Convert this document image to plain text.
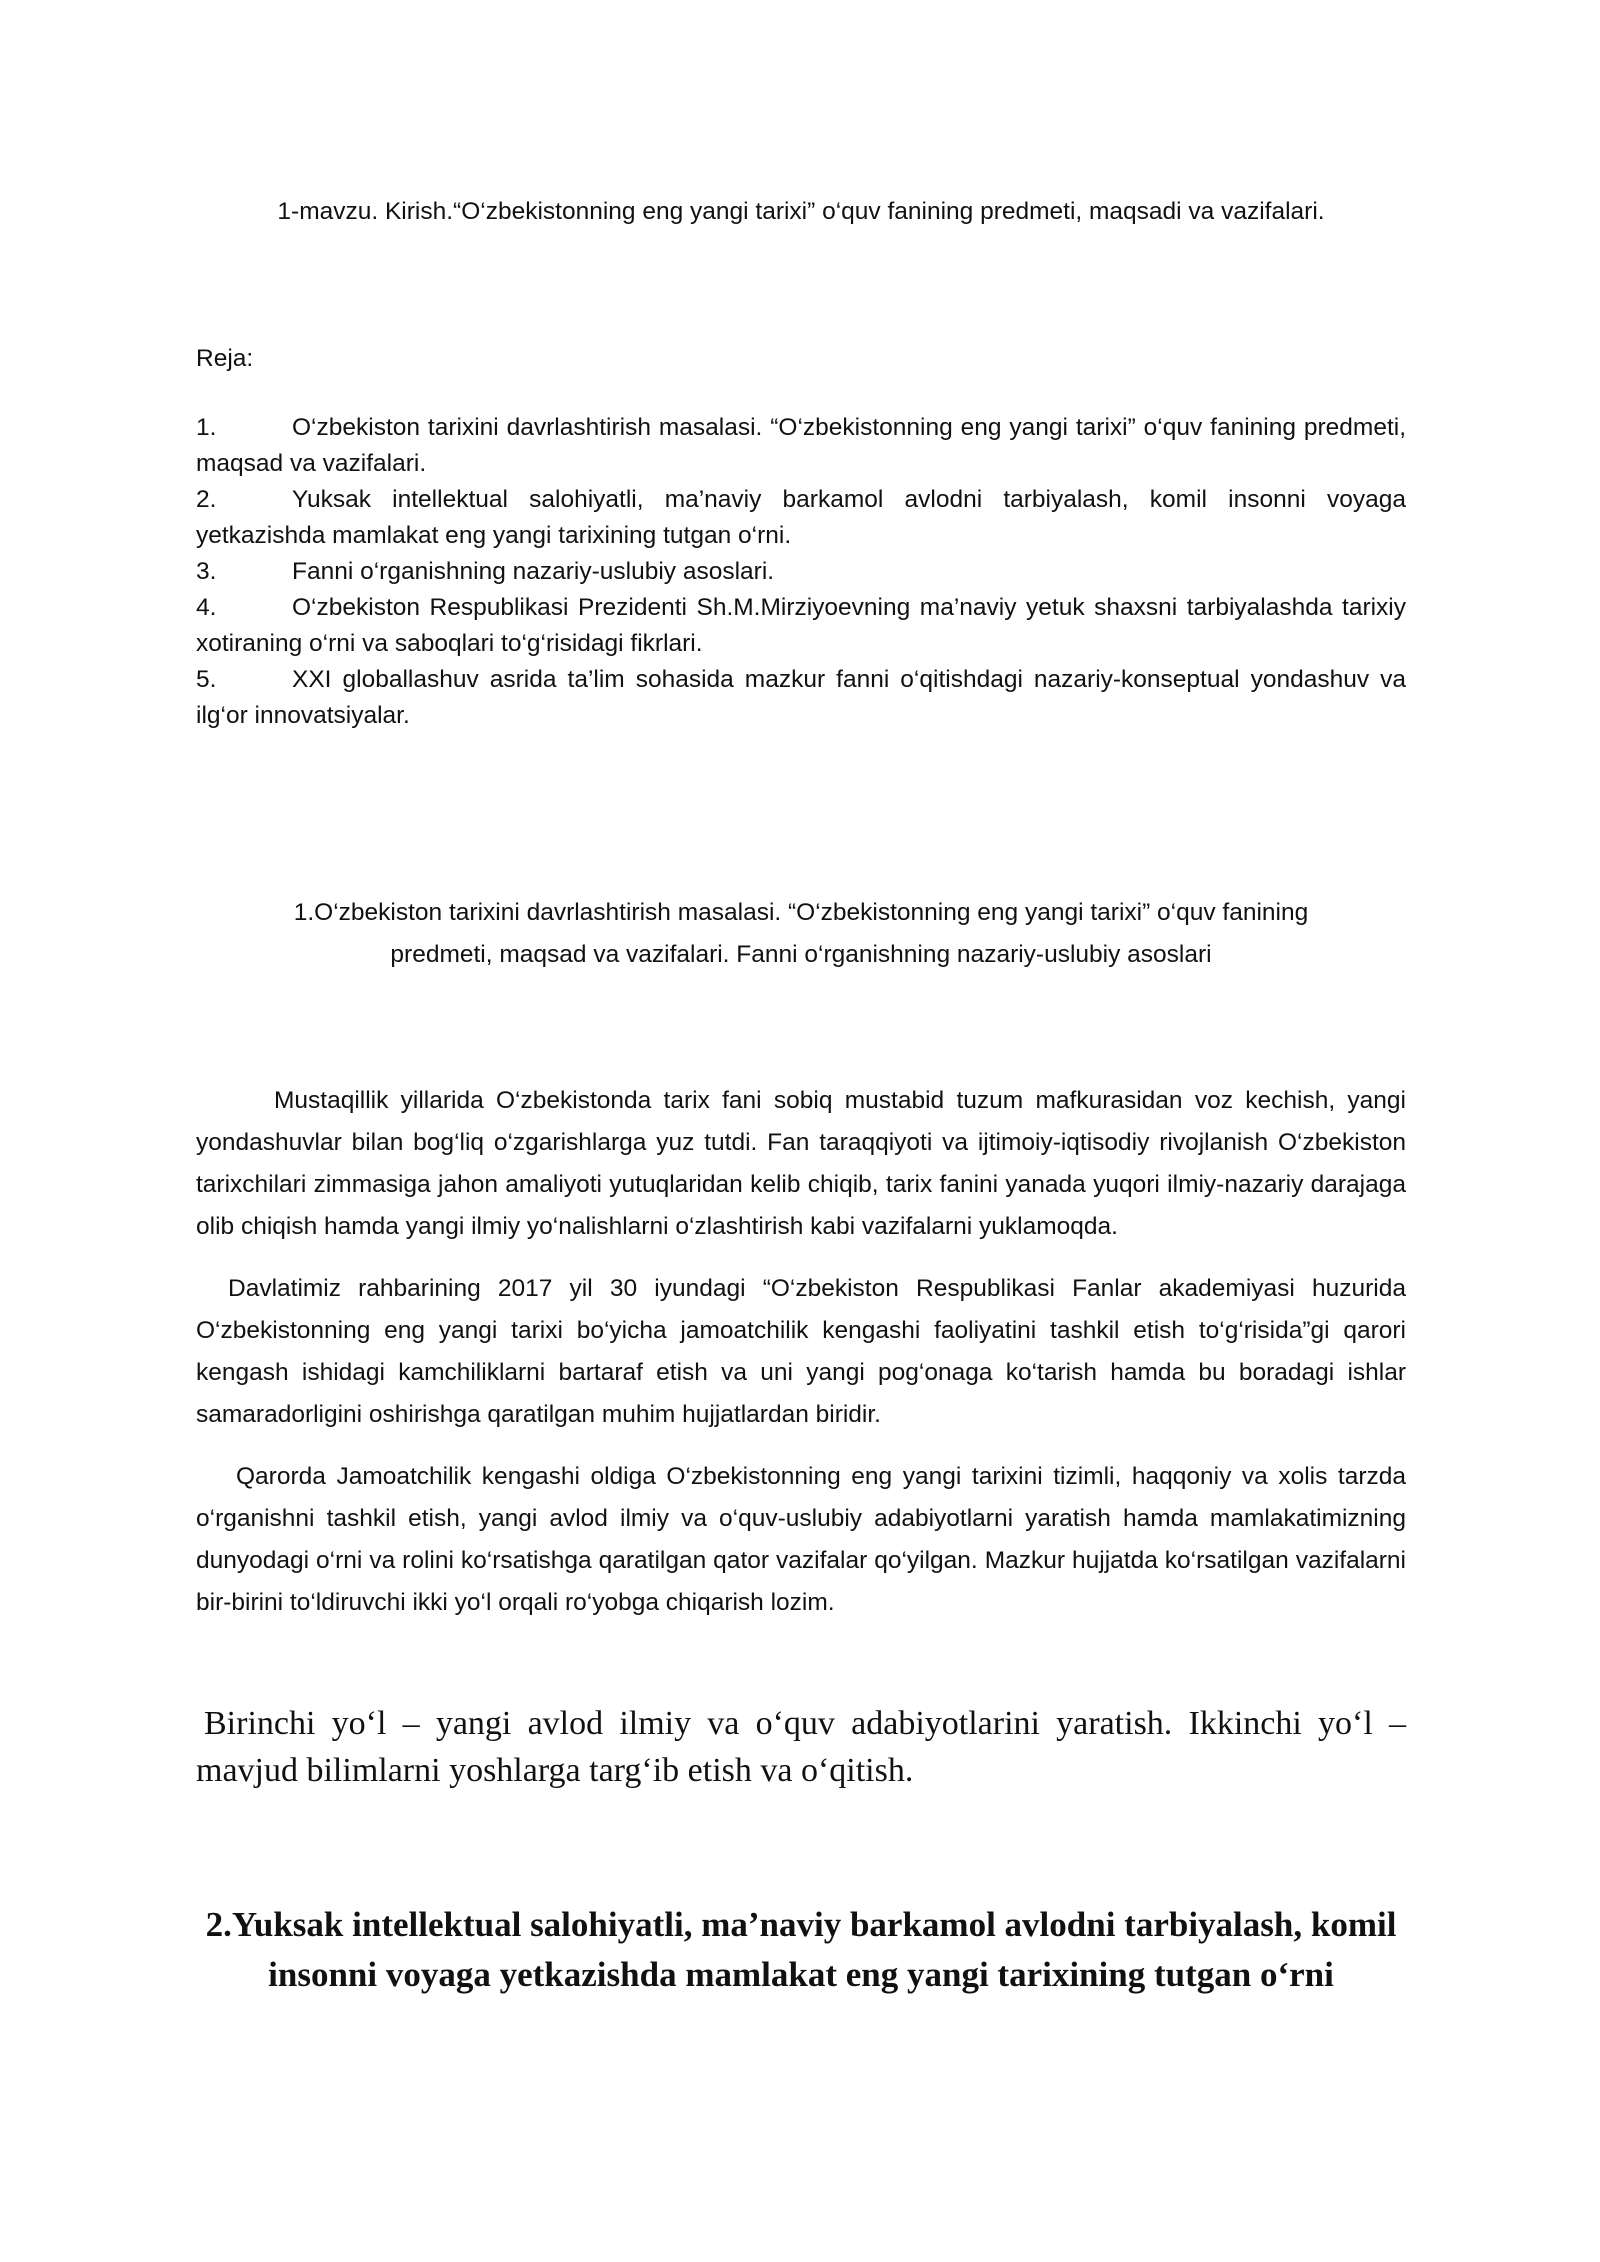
1-mavzu. Kirish.“O‘zbekistonning eng yangi tarixi” o‘quv fanining predmeti, maqsadi va vazifalari.
Reja:
1.	O‘zbekiston tarixini davrlashtirish masalasi. “O‘zbekistonning eng yangi tarixi” o‘quv fanining predmeti, maqsad va vazifalari.
2.	Yuksak intellektual salohiyatli, ma’naviy barkamol avlodni tarbiyalash, komil insonni voyaga yetkazishda mamlakat eng yangi tarixining tutgan o‘rni.
3.	Fanni o‘rganishning nazariy-uslubiy asoslari.
4.	O‘zbekiston Respublikasi Prezidenti Sh.M.Mirziyoevning ma’naviy yetuk shaxsni tarbiyalashda tarixiy xotiraning o‘rni va saboqlari to‘g‘risidagi fikrlari.
5.	XXI globallashuv asrida ta’lim sohasida mazkur fanni o‘qitishdagi nazariy-konseptual yondashuv va ilg‘or innovatsiyalar.
1.O‘zbekiston tarixini davrlashtirish masalasi. “O‘zbekistonning eng yangi tarixi” o‘quv fanining
predmeti, maqsad va vazifalari. Fanni o‘rganishning nazariy-uslubiy asoslari

Mustaqillik yillarida O‘zbekistonda tarix fani sobiq mustabid tuzum mafkurasidan voz kechish, yangi yondashuvlar bilan bog‘liq o‘zgarishlarga yuz tutdi. Fan taraqqiyoti va ijtimoiy-iqtisodiy rivojlanish O‘zbekiston tarixchilari zimmasiga jahon amaliyoti yutuqlaridan kelib chiqib, tarix fanini yanada yuqori ilmiy-nazariy darajaga olib chiqish hamda yangi ilmiy yo‘nalishlarni o‘zlashtirish kabi vazifalarni yuklamoqda.

Davlatimiz rahbarining 2017 yil 30 iyundagi “O‘zbekiston Respublikasi Fanlar akademiyasi huzurida O‘zbekistonning eng yangi tarixi bo‘yicha jamoatchilik kengashi faoliyatini tashkil etish to‘g‘risida”gi qarori kengash ishidagi kamchiliklarni bartaraf etish va uni yangi pog‘onaga ko‘tarish hamda bu boradagi ishlar samaradorligini oshirishga qaratilgan muhim hujjatlardan biridir.

Qarorda Jamoatchilik kengashi oldiga O‘zbekistonning eng yangi tarixini tizimli, haqqoniy va xolis tarzda o‘rganishni tashkil etish, yangi avlod ilmiy va o‘quv-uslubiy adabiyotlarni yaratish hamda mamlakatimizning dunyodagi o‘rni va rolini ko‘rsatishga qaratilgan qator vazifalar qo‘yilgan. Mazkur hujjatda ko‘rsatilgan vazifalarni bir-birini to‘ldiruvchi ikki yo‘l orqali ro‘yobga chiqarish lozim.

Birinchi yo‘l – yangi avlod ilmiy va o‘quv adabiyotlarini yaratish. Ikkinchi yo‘l – mavjud bilimlarni yoshlarga targ‘ib etish va o‘qitish.
2.Yuksak intellektual salohiyatli, ma’naviy barkamol avlodni tarbiyalash, komil insonni voyaga yetkazishda mamlakat eng yangi tarixining tutgan o‘rni
